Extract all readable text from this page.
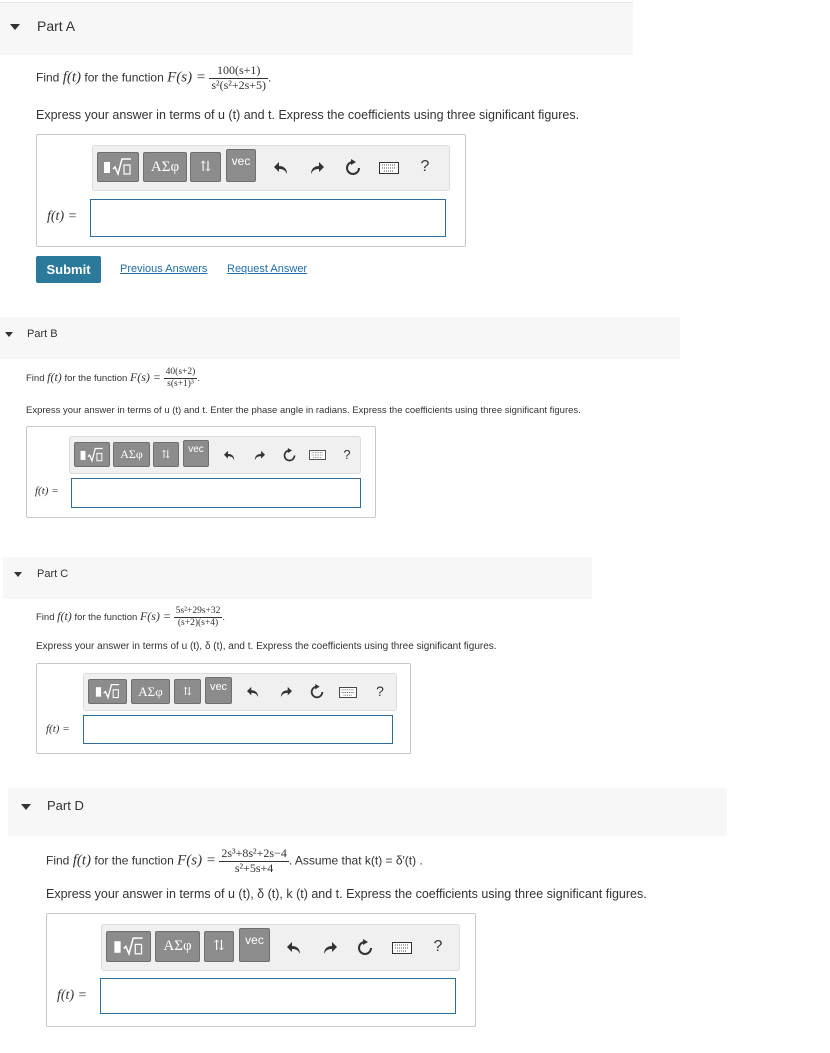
Part A
Find f(t) for the function $F(s) = \frac{100(s+1)}{\text{s²(s²+2s+5)}}$ .
Express your answer in terms of u (t) and t. Express the coefficients using three significant figures.
ΑΣφ	⇅	vec	?
f(t) =
Submit	Previous Answers Request Answer
Part B
Find f(t) for the function $F(s) = \frac{40(s+2)}{\text{s(s+1)³}}$ .
Express your answer in terms of u (t) and t. Enter the phase angle in radians. Express the coefficients using three significant figures.
ΑΣφ	⇅	vec	?
f(t) =
Part C
Find f(t) for the function $F(s) = \frac{\text{5s²+29s+32}}{(s+2)(s+4)}$ .
Express your answer in terms of u (t), δ (t), and t. Express the coefficients using three significant figures.
ΑΣφ	⇅	vec	?
f(t) =
Part D
Find f(t) for the function $F(s) = \frac{\text{2s³+8s²+2s−4}}{\text{s²+5s+4}}$ . Assume that k(t) = δ′(t) .
Express your answer in terms of u (t), δ (t), k (t) and t. Express the coefficients using three significant figures.
ΑΣφ	⇅	vec	?
f(t) =
